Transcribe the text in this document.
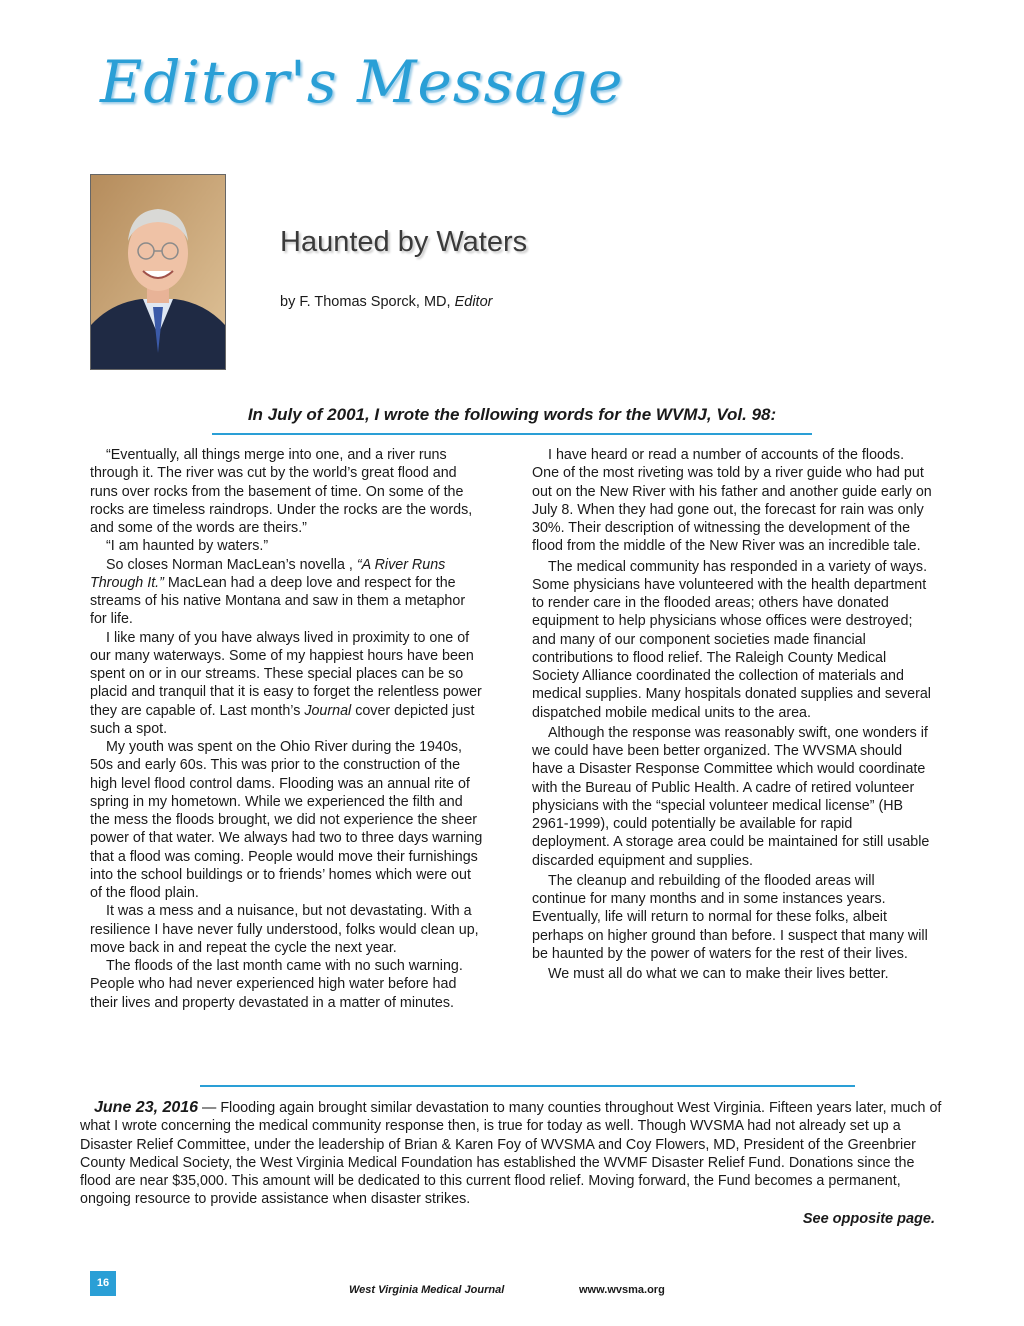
Editor's Message
Haunted by Waters
by F. Thomas Sporck, MD, Editor
In July of 2001, I wrote the following words for the WVMJ, Vol. 98:

“Eventually, all things merge into one, and a river runs through it. The river was cut by the world’s great flood and runs over rocks from the basement of time. On some of the rocks are timeless raindrops. Under the rocks are the words, and some of the words are theirs.”

“I am haunted by waters.”

So closes Norman MacLean’s novella , “A River Runs Through It.” MacLean had a deep love and respect for the streams of his native Montana and saw in them a metaphor for life.

I like many of you have always lived in proximity to one of our many waterways. Some of my happiest hours have been spent on or in our streams. These special places can be so placid and tranquil that it is easy to forget the relentless power they are capable of. Last month’s Journal cover depicted just such a spot.

My youth was spent on the Ohio River during the 1940s, 50s and early 60s. This was prior to the construction of the high level flood control dams. Flooding was an annual rite of spring in my hometown. While we experienced the filth and the mess the floods brought, we did not experience the sheer power of that water. We always had two to three days warning that a flood was coming. People would move their furnishings into the school buildings or to friends’ homes which were out of the flood plain.

It was a mess and a nuisance, but not devastating. With a resilience I have never fully understood, folks would clean up, move back in and repeat the cycle the next year.

The floods of the last month came with no such warning. People who had never experienced high water before had their lives and property devastated in a matter of minutes.

I have heard or read a number of accounts of the floods. One of the most riveting was told by a river guide who had put out on the New River with his father and another guide early on July 8. When they had gone out, the forecast for rain was only 30%. Their description of witnessing the development of the flood from the middle of the New River was an incredible tale.

The medical community has responded in a variety of ways. Some physicians have volunteered with the health department to render care in the flooded areas; others have donated equipment to help physicians whose offices were destroyed; and many of our component societies made financial contributions to flood relief. The Raleigh County Medical Society Alliance coordinated the collection of materials and medical supplies. Many hospitals donated supplies and several dispatched mobile medical units to the area.

Although the response was reasonably swift, one wonders if we could have been better organized. The WVSMA should have a Disaster Response Committee which would coordinate with the Bureau of Public Health. A cadre of retired volunteer physicians with the “special volunteer medical license” (HB 2961-1999), could potentially be available for rapid deployment. A storage area could be maintained for still usable discarded equipment and supplies.

The cleanup and rebuilding of the flooded areas will continue for many months and in some instances years. Eventually, life will return to normal for these folks, albeit perhaps on higher ground than before. I suspect that many will be haunted by the power of waters for the rest of their lives.

We must all do what we can to make their lives better.

June 23, 2016 — Flooding again brought similar devastation to many counties throughout West Virginia. Fifteen years later, much of what I wrote concerning the medical community response then, is true for today as well. Though WVSMA had not already set up a Disaster Relief Committee, under the leadership of Brian & Karen Foy of WVSMA and Coy Flowers, MD, President of the Greenbrier County Medical Society, the West Virginia Medical Foundation has established the WVMF Disaster Relief Fund. Donations since the flood are near $35,000. This amount will be dedicated to this current flood relief. Moving forward, the Fund becomes a permanent, ongoing resource to provide assistance when disaster strikes.
See opposite page.
16
West Virginia Medical Journal	www.wvsma.org
